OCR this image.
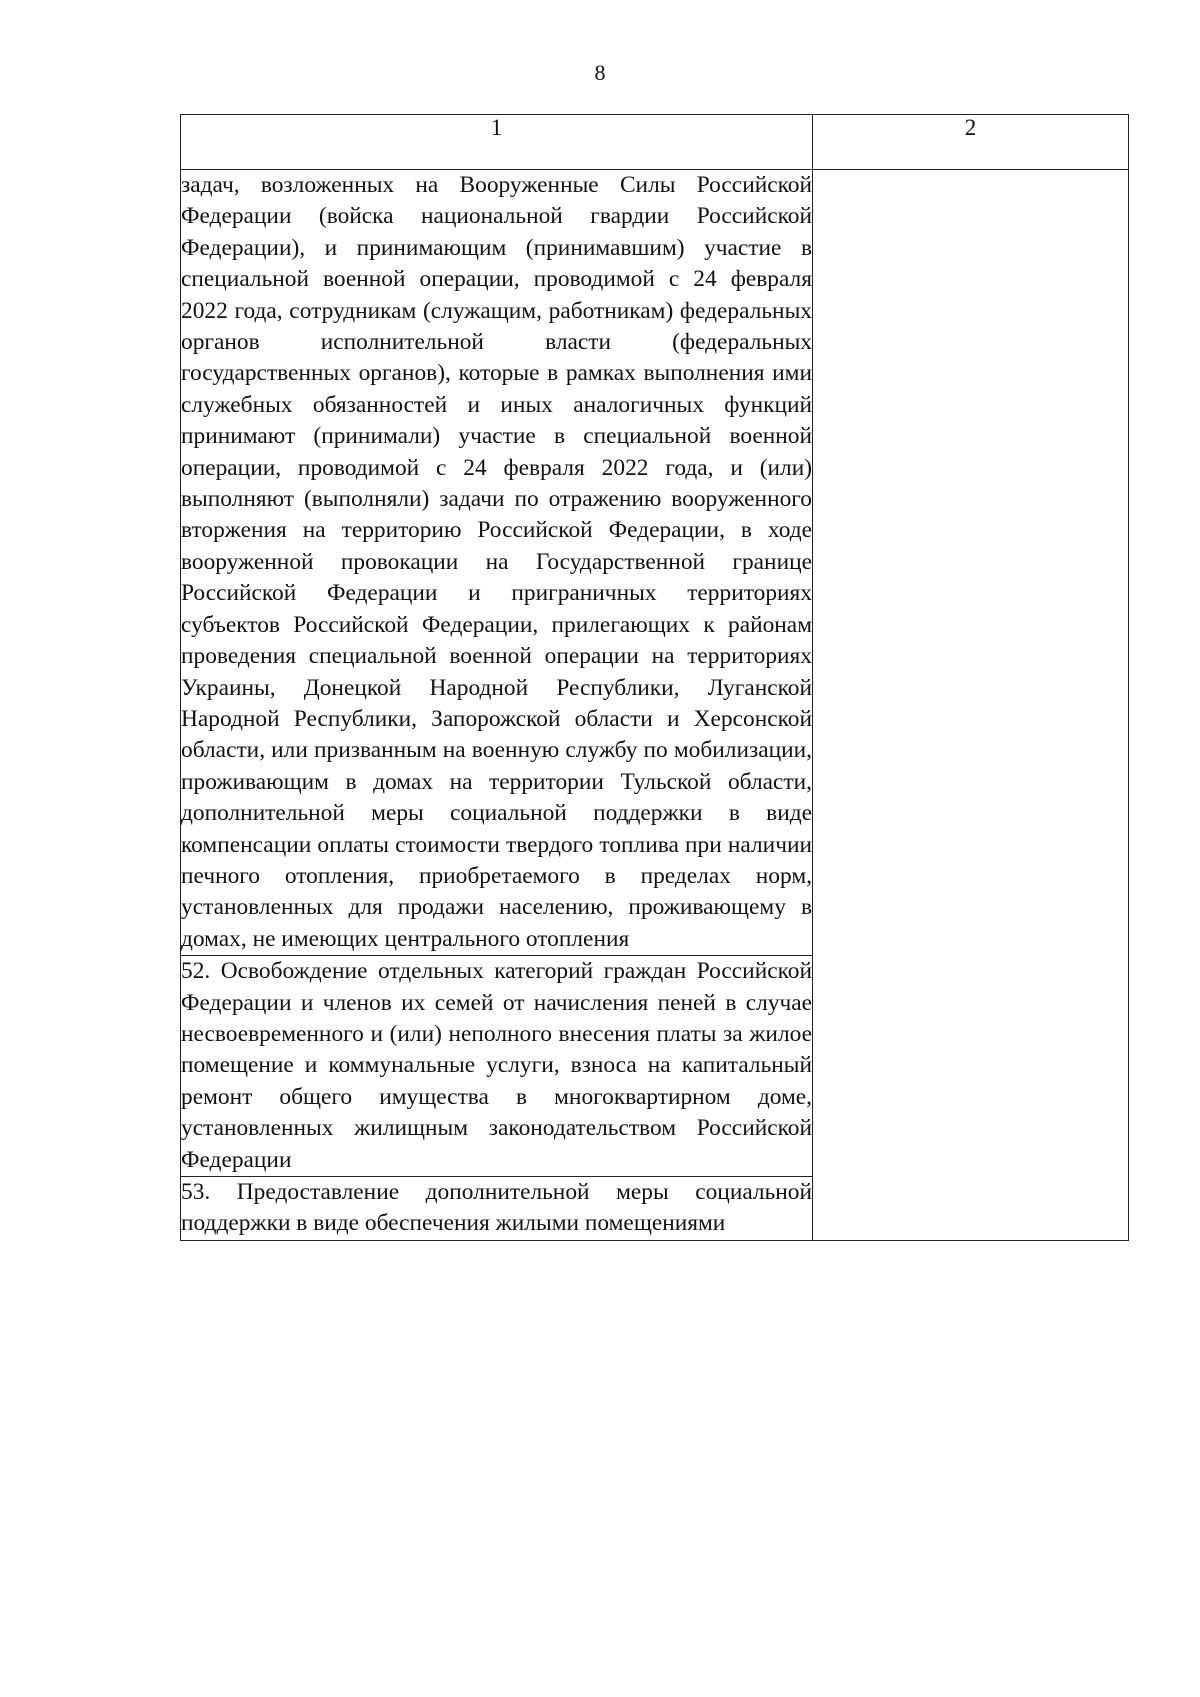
8
1	2

задач, возложенных на Вооруженные Силы Российской Федерации (войска национальной гвардии Российской Федерации), и принимающим (принимавшим) участие в специальной военной операции, проводимой с 24 февраля 2022 года, сотрудникам (служащим, работникам) федеральных органов исполнительной власти (федеральных государственных органов), которые в рамках выполнения ими служебных обязанностей и иных аналогичных функций принимают (принимали) участие в специальной военной операции, проводимой с 24 февраля 2022 года, и (или) выполняют (выполняли) задачи по отражению вооруженного вторжения на территорию Российской Федерации, в ходе вооруженной провокации на Государственной границе Российской Федерации и приграничных территориях субъектов Российской Федерации, прилегающих к районам проведения специальной военной операции на территориях Украины, Донецкой Народной Республики, Луганской Народной Республики, Запорожской области и Херсонской области, или призванным на военную службу по мобилизации, проживающим в домах на территории Тульской области, дополнительной меры социальной поддержки в виде компенсации оплаты стоимости твердого топлива при наличии печного отопления, приобретаемого в пределах норм, установленных для продажи населению, проживающему в домах, не имеющих центрального отопления	

52. Освобождение отдельных категорий граждан Российской Федерации и членов их семей от начисления пеней в случае несвоевременного и (или) неполного внесения платы за жилое помещение и коммунальные услуги, взноса на капитальный ремонт общего имущества в многоквартирном доме, установленных жилищным законодательством Российской Федерации	

53. Предоставление дополнительной меры социальной поддержки в виде обеспечения жилыми помещениями	
